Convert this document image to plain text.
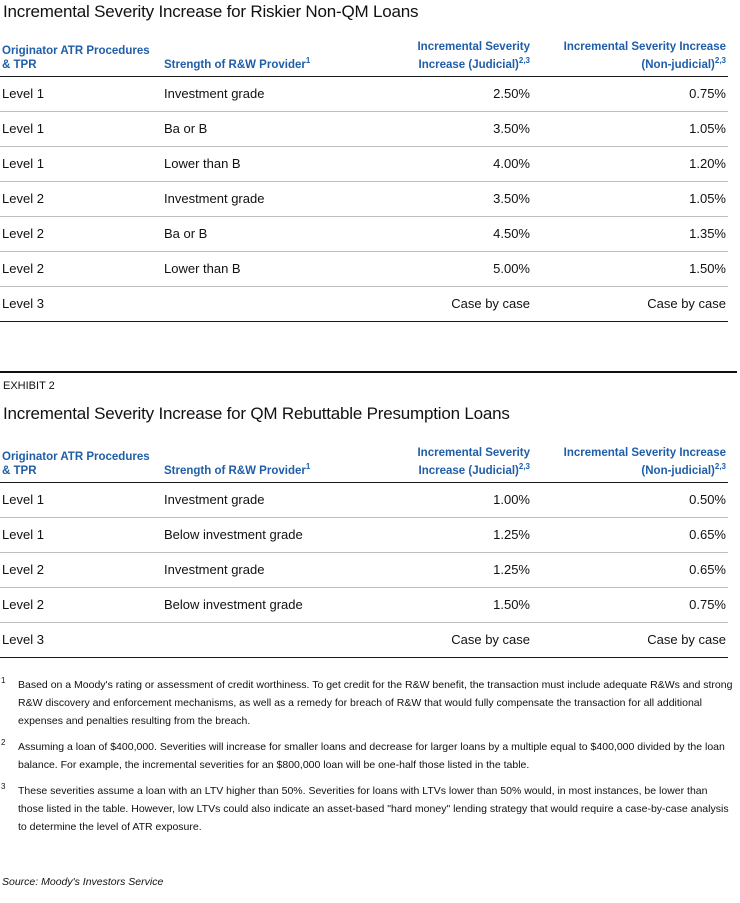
Incremental Severity Increase for Riskier Non-QM Loans
Originator ATR Procedures & TPR	Strength of R&W Provider$^1$	Incremental Severity Increase (Judicial)$^{2,3}$	Incremental Severity Increase (Non-judicial)$^{2,3}$
Level 1	Investment grade	2.50%	0.75%
Level 1	Ba or B	3.50%	1.05%
Level 1	Lower than B	4.00%	1.20%
Level 2	Investment grade	3.50%	1.05%
Level 2	Ba or B	4.50%	1.35%
Level 2	Lower than B	5.00%	1.50%
Level 3		Case by case	Case by case
EXHIBIT 2
Incremental Severity Increase for QM Rebuttable Presumption Loans
Originator ATR Procedures & TPR	Strength of R&W Provider$^1$	Incremental Severity Increase (Judicial)$^{2,3}$	Incremental Severity Increase (Non-judicial)$^{2,3}$
Level 1	Investment grade	1.00%	0.50%
Level 1	Below investment grade	1.25%	0.65%
Level 2	Investment grade	1.25%	0.65%
Level 2	Below investment grade	1.50%	0.75%
Level 3		Case by case	Case by case
1 Based on a Moody's rating or assessment of credit worthiness. To get credit for the R&W benefit, the transaction must include adequate R&Ws and strong R&W discovery and enforcement mechanisms, as well as a remedy for breach of R&W that would fully compensate the transaction for all additional expenses and penalties resulting from the breach.
2 Assuming a loan of $400,000. Severities will increase for smaller loans and decrease for larger loans by a multiple equal to $400,000 divided by the loan balance. For example, the incremental severities for an $800,000 loan will be one-half those listed in the table.
3 These severities assume a loan with an LTV higher than 50%. Severities for loans with LTVs lower than 50% would, in most instances, be lower than those listed in the table. However, low LTVs could also indicate an asset-based "hard money" lending strategy that would require a case-by-case analysis to determine the level of ATR exposure.
Source: Moody's Investors Service
